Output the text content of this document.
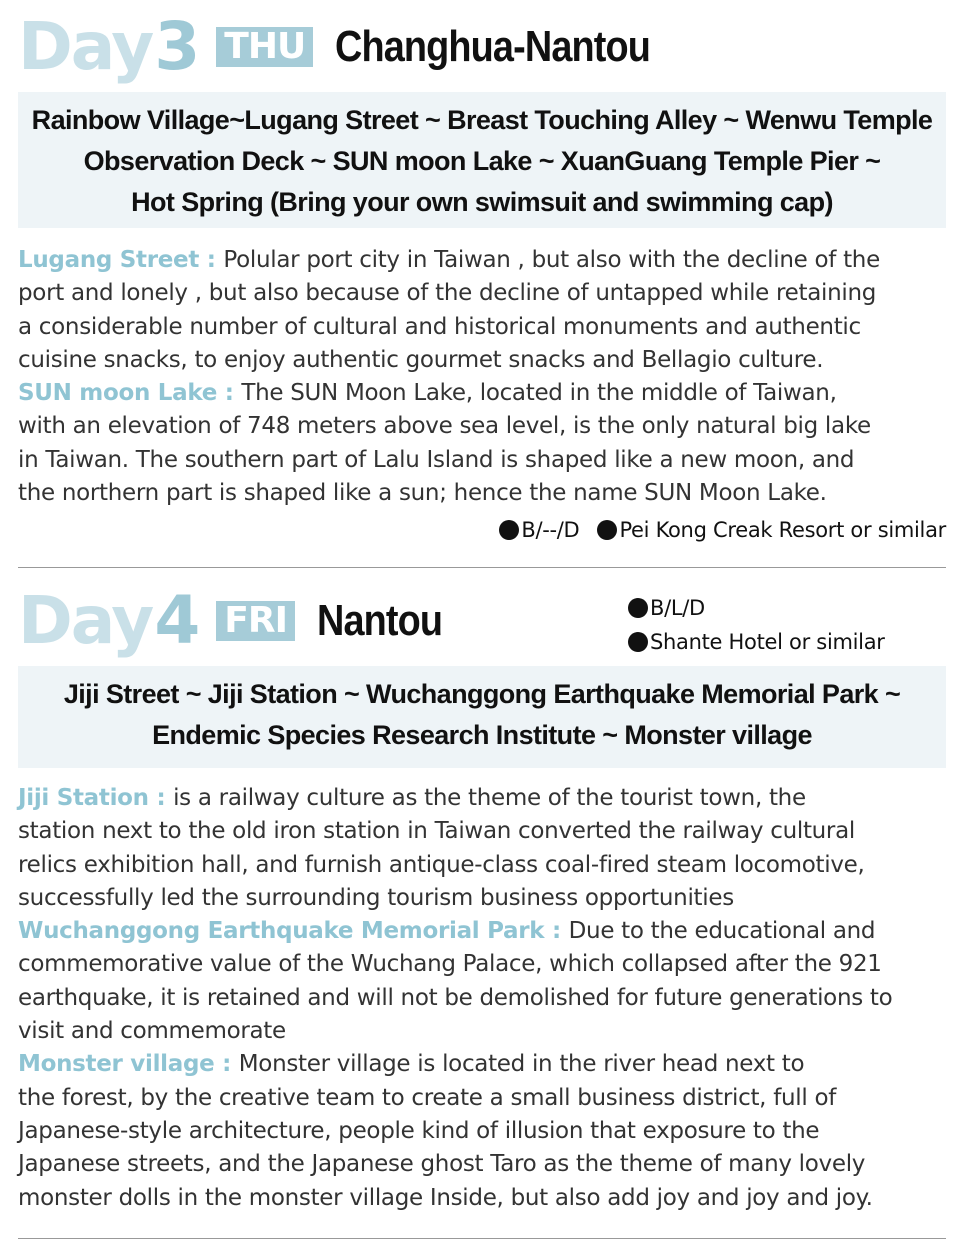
Day 3 THU Changhua-Nantou
Rainbow Village~Lugang Street ~ Breast Touching Alley ~ Wenwu Temple
Observation Deck ~ SUN moon Lake ~ XuanGuang Temple Pier ~
Hot Spring (Bring your own swimsuit and swimming cap)
Lugang Street : Polular port city in Taiwan , but also with the decline of the
port and lonely , but also because of the decline of untapped while retaining
a considerable number of cultural and historical monuments and authentic
cuisine snacks, to enjoy authentic gourmet snacks and Bellagio culture.
SUN moon Lake : The SUN Moon Lake, located in the middle of Taiwan,
with an elevation of 748 meters above sea level, is the only natural big lake
in Taiwan. The southern part of Lalu Island is shaped like a new moon, and
the northern part is shaped like a sun; hence the name SUN Moon Lake.
B/--/D Pei Kong Creak Resort or similar
Day 4 FRI Nantou	B/L/D
Shante Hotel or similar
Jiji Street ~ Jiji Station ~ Wuchanggong Earthquake Memorial Park ~
Endemic Species Research Institute ~ Monster village
Jiji Station : is a railway culture as the theme of the tourist town, the
station next to the old iron station in Taiwan converted the railway cultural
relics exhibition hall, and furnish antique-class coal-fired steam locomotive,
successfully led the surrounding tourism business opportunities
Wuchanggong Earthquake Memorial Park : Due to the educational and
commemorative value of the Wuchang Palace, which collapsed after the 921
earthquake, it is retained and will not be demolished for future generations to
visit and commemorate
Monster village : Monster village is located in the river head next to
the forest, by the creative team to create a small business district, full of
Japanese-style architecture, people kind of illusion that exposure to the
Japanese streets, and the Japanese ghost Taro as the theme of many lovely
monster dolls in the monster village Inside, but also add joy and joy and joy.
